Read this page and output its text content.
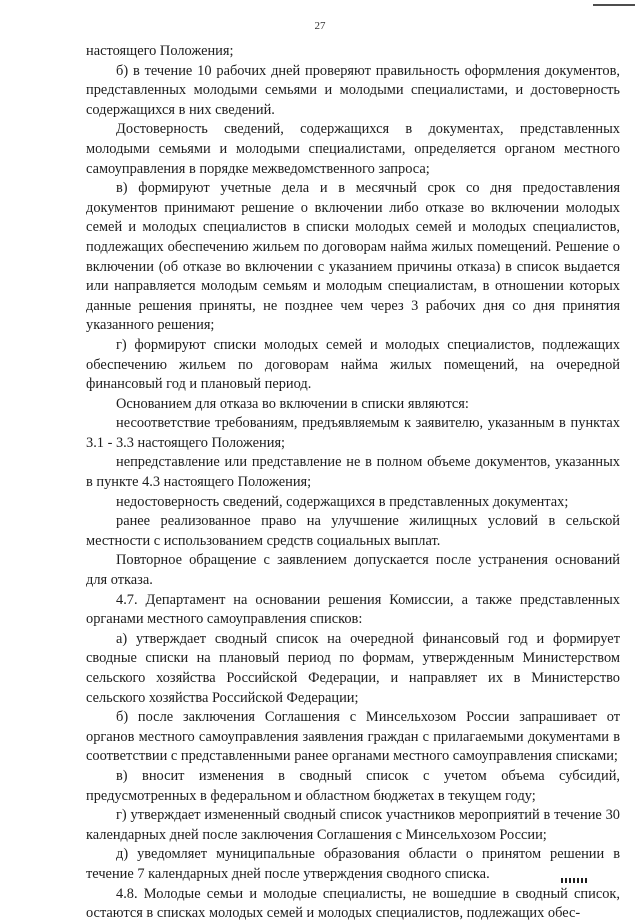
27

настоящего Положения;

б) в течение 10 рабочих дней проверяют правильность оформления документов, представленных молодыми семьями и молодыми специалистами, и достоверность содержащихся в них сведений.

Достоверность сведений, содержащихся в документах, представленных молодыми семьями и молодыми специалистами, определяется органом местного самоуправления в порядке межведомственного запроса;

в) формируют учетные дела и в месячный срок со дня предоставления документов принимают решение о включении либо отказе во включении молодых семей и молодых специалистов в списки молодых семей и молодых специалистов, подлежащих обеспечению жильем по договорам найма жилых помещений. Решение о включении (об отказе во включении с указанием причины отказа) в список выдается или направляется молодым семьям и молодым специалистам, в отношении которых данные решения приняты, не позднее чем через 3 рабочих дня со дня принятия указанного решения;

г) формируют списки молодых семей и молодых специалистов, подлежащих обеспечению жильем по договорам найма жилых помещений, на очередной финансовый год и плановый период.

Основанием для отказа во включении в списки являются:

несоответствие требованиям, предъявляемым к заявителю, указанным в пунктах 3.1 - 3.3 настоящего Положения;

непредставление или представление не в полном объеме документов, указанных в пункте 4.3 настоящего Положения;

недостоверность сведений, содержащихся в представленных документах;

ранее реализованное право на улучшение жилищных условий в сельской местности с использованием средств социальных выплат.

Повторное обращение с заявлением допускается после устранения оснований для отказа.

4.7. Департамент на основании решения Комиссии, а также представленных органами местного самоуправления списков:

а) утверждает сводный список на очередной финансовый год и формирует сводные списки на плановый период по формам, утвержденным Министерством сельского хозяйства Российской Федерации, и направляет их в Министерство сельского хозяйства Российской Федерации;

б) после заключения Соглашения с Минсельхозом России запрашивает от органов местного самоуправления заявления граждан с прилагаемыми документами в соответствии с представленными ранее органами местного самоуправления списками;

в) вносит изменения в сводный список с учетом объема субсидий, предусмотренных в федеральном и областном бюджетах в текущем году;

г) утверждает измененный сводный список участников мероприятий в течение 30 календарных дней после заключения Соглашения с Минсельхозом России;

д) уведомляет муниципальные образования области о принятом решении в течение 7 календарных дней после утверждения сводного списка.

4.8. Молодые семьи и молодые специалисты, не вошедшие в сводный список, остаются в списках молодых семей и молодых специалистов, подлежащих обес-
